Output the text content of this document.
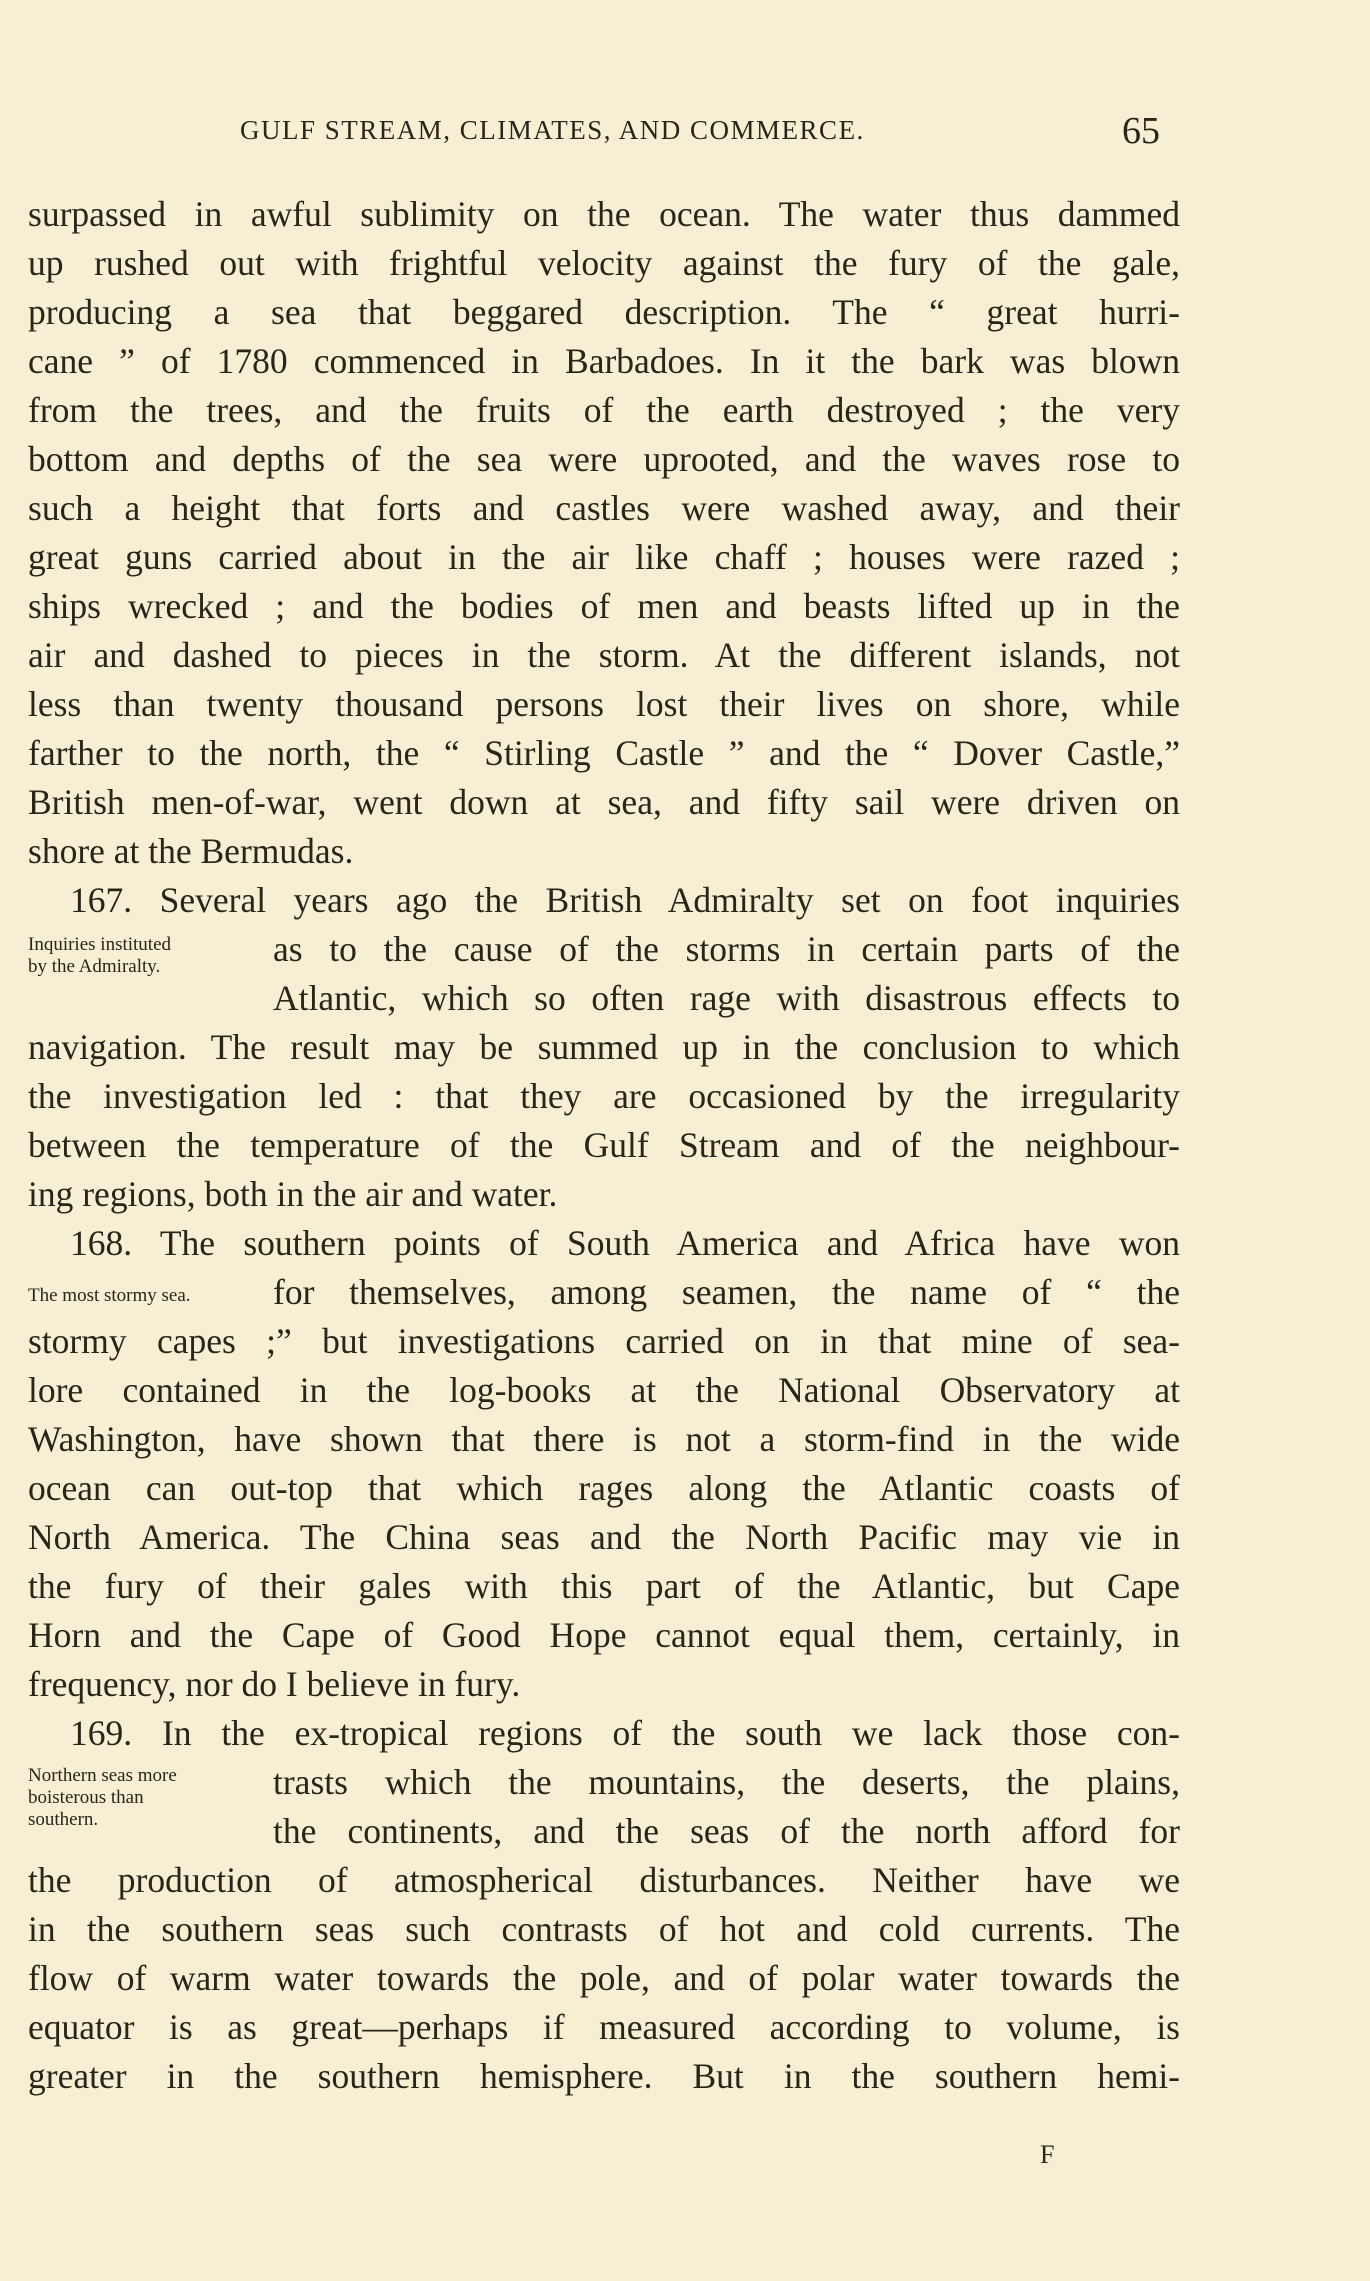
GULF STREAM, CLIMATES, AND COMMERCE.	65
surpassed in awful sublimity on the ocean. The water thus dammed
up rushed out with frightful velocity against the fury of the gale,
producing a sea that beggared description. The “ great hurri-
cane ” of 1780 commenced in Barbadoes. In it the bark was blown
from the trees, and the fruits of the earth destroyed ; the very
bottom and depths of the sea were uprooted, and the waves rose to
such a height that forts and castles were washed away, and their
great guns carried about in the air like chaff ; houses were razed ;
ships wrecked ; and the bodies of men and beasts lifted up in the
air and dashed to pieces in the storm. At the different islands, not
less than twenty thousand persons lost their lives on shore, while
farther to the north, the “ Stirling Castle ” and the “ Dover Castle,”
British men-of-war, went down at sea, and fifty sail were driven on
shore at the Bermudas.
167. Several years ago the British Admiralty set on foot inquiries
Inquiries instituted
by the Admiralty.	as to the cause of the storms in certain parts of the
Atlantic, which so often rage with disastrous effects to
navigation. The result may be summed up in the conclusion to which
the investigation led : that they are occasioned by the irregularity
between the temperature of the Gulf Stream and of the neighbour-
ing regions, both in the air and water.
168. The southern points of South America and Africa have won
The most stormy sea.	for themselves, among seamen, the name of “ the
stormy capes ;” but investigations carried on in that mine of sea-
lore contained in the log-books at the National Observatory at
Washington, have shown that there is not a storm-find in the wide
ocean can out-top that which rages along the Atlantic coasts of
North America. The China seas and the North Pacific may vie in
the fury of their gales with this part of the Atlantic, but Cape
Horn and the Cape of Good Hope cannot equal them, certainly, in
frequency, nor do I believe in fury.
169. In the ex-tropical regions of the south we lack those con-
Northern seas more
boisterous than
southern.
trasts which the mountains, the deserts, the plains,
the continents, and the seas of the north afford for
the production of atmospherical disturbances. Neither have we
in the southern seas such contrasts of hot and cold currents. The
flow of warm water towards the pole, and of polar water towards the
equator is as great—perhaps if measured according to volume, is
greater in the southern hemisphere. But in the southern hemi-
F
